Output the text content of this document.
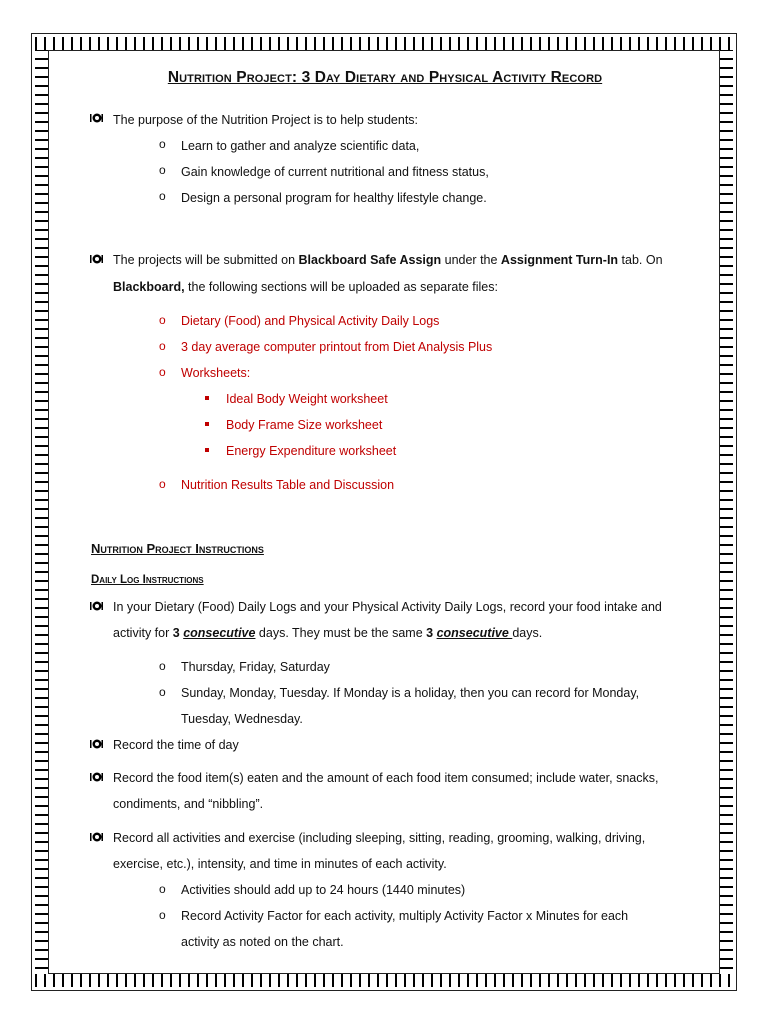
Nutrition Project: 3 Day Dietary and Physical Activity Record
The purpose of the Nutrition Project is to help students:
o Learn to gather and analyze scientific data,
o Gain knowledge of current nutritional and fitness status,
o Design a personal program for healthy lifestyle change.
The projects will be submitted on Blackboard Safe Assign under the Assignment Turn-In tab. On
Blackboard, the following sections will be uploaded as separate files:
o Dietary (Food) and Physical Activity Daily Logs
o 3 day average computer printout from Diet Analysis Plus
o Worksheets:
Ideal Body Weight worksheet
Body Frame Size worksheet
Energy Expenditure worksheet
o Nutrition Results Table and Discussion
Nutrition Project Instructions
Daily Log Instructions
In your Dietary (Food) Daily Logs and your Physical Activity Daily Logs, record your food intake and
activity for 3 consecutive days. They must be the same 3 consecutive days.
o Thursday, Friday, Saturday
o Sunday, Monday, Tuesday. If Monday is a holiday, then you can record for Monday,
Tuesday, Wednesday.
Record the time of day
Record the food item(s) eaten and the amount of each food item consumed; include water, snacks,
condiments, and “nibbling”.
Record all activities and exercise (including sleeping, sitting, reading, grooming, walking, driving,
exercise, etc.), intensity, and time in minutes of each activity.
o Activities should add up to 24 hours (1440 minutes)
o Record Activity Factor for each activity, multiply Activity Factor x Minutes for each
activity as noted on the chart.
